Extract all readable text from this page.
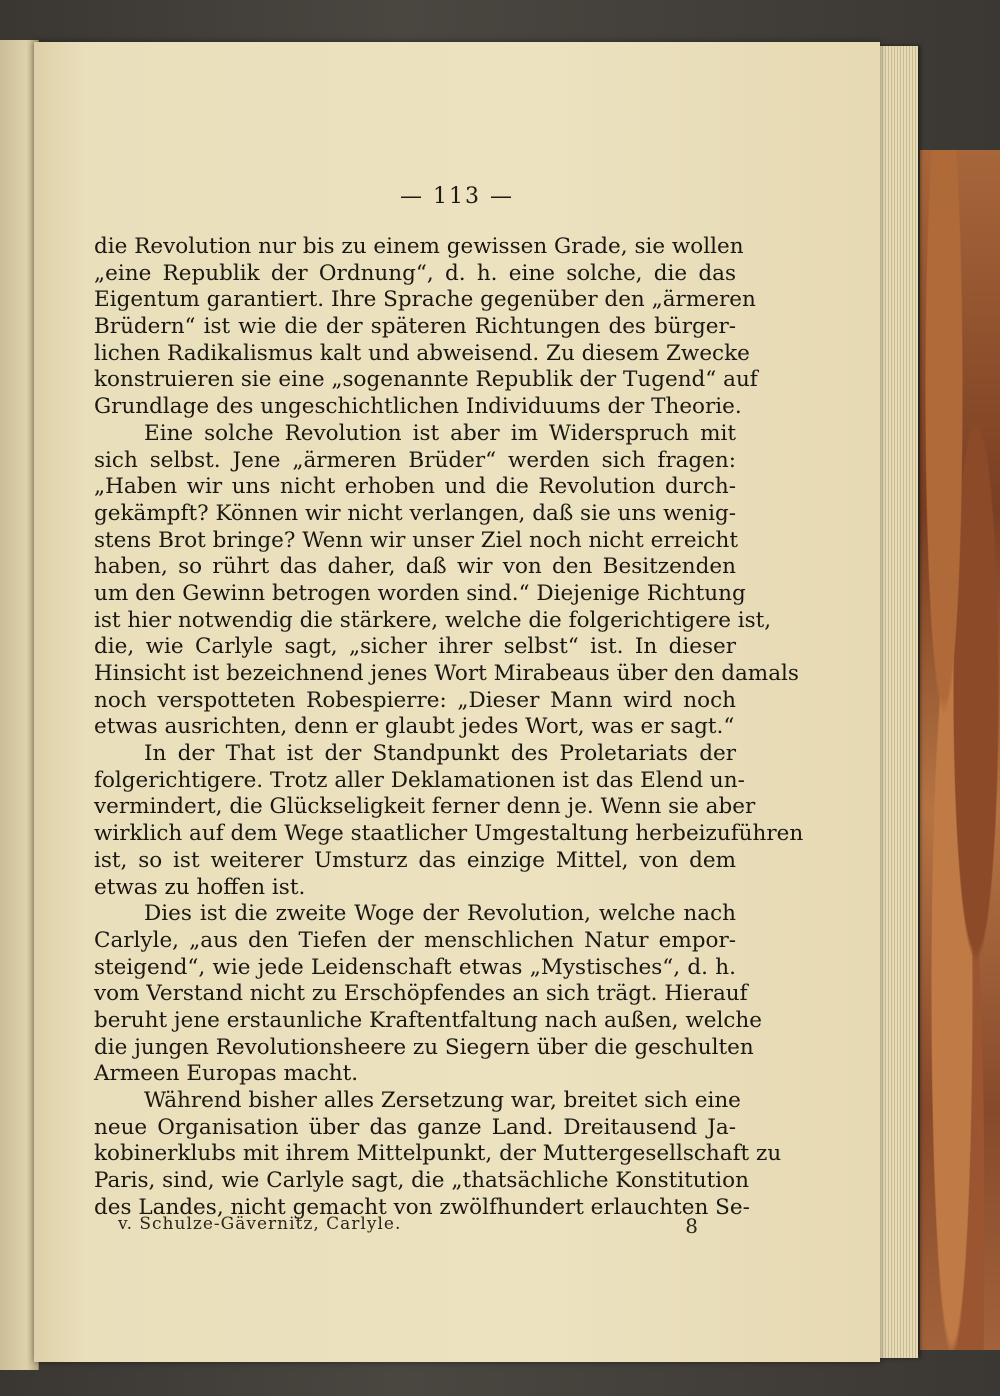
— 113 —
die Revolution nur bis zu einem gewissen Grade, sie wollen
„eine Republik der Ordnung“, d. h. eine solche, die das
Eigentum garantiert. Ihre Sprache gegenüber den „ärmeren
Brüdern“ ist wie die der späteren Richtungen des bürger-
lichen Radikalismus kalt und abweisend. Zu diesem Zwecke
konstruieren sie eine „sogenannte Republik der Tugend“ auf
Grundlage des ungeschichtlichen Individuums der Theorie.
Eine solche Revolution ist aber im Widerspruch mit
sich selbst. Jene „ärmeren Brüder“ werden sich fragen:
„Haben wir uns nicht erhoben und die Revolution durch-
gekämpft? Können wir nicht verlangen, daß sie uns wenig-
stens Brot bringe? Wenn wir unser Ziel noch nicht erreicht
haben, so rührt das daher, daß wir von den Besitzenden
um den Gewinn betrogen worden sind.“ Diejenige Richtung
ist hier notwendig die stärkere, welche die folgerichtigere ist,
die, wie Carlyle sagt, „sicher ihrer selbst“ ist. In dieser
Hinsicht ist bezeichnend jenes Wort Mirabeaus über den damals
noch verspotteten Robespierre: „Dieser Mann wird noch
etwas ausrichten, denn er glaubt jedes Wort, was er sagt.“
In der That ist der Standpunkt des Proletariats der
folgerichtigere. Trotz aller Deklamationen ist das Elend un-
vermindert, die Glückseligkeit ferner denn je. Wenn sie aber
wirklich auf dem Wege staatlicher Umgestaltung herbeizuführen
ist, so ist weiterer Umsturz das einzige Mittel, von dem
etwas zu hoffen ist.
Dies ist die zweite Woge der Revolution, welche nach
Carlyle, „aus den Tiefen der menschlichen Natur empor-
steigend“, wie jede Leidenschaft etwas „Mystisches“, d. h.
vom Verstand nicht zu Erschöpfendes an sich trägt. Hierauf
beruht jene erstaunliche Kraftentfaltung nach außen, welche
die jungen Revolutionsheere zu Siegern über die geschulten
Armeen Europas macht.
Während bisher alles Zersetzung war, breitet sich eine
neue Organisation über das ganze Land. Dreitausend Ja-
kobinerklubs mit ihrem Mittelpunkt, der Muttergesellschaft zu
Paris, sind, wie Carlyle sagt, die „thatsächliche Konstitution
des Landes, nicht gemacht von zwölfhundert erlauchten Se-
v. Schulze-Gävernitz, Carlyle.	8
